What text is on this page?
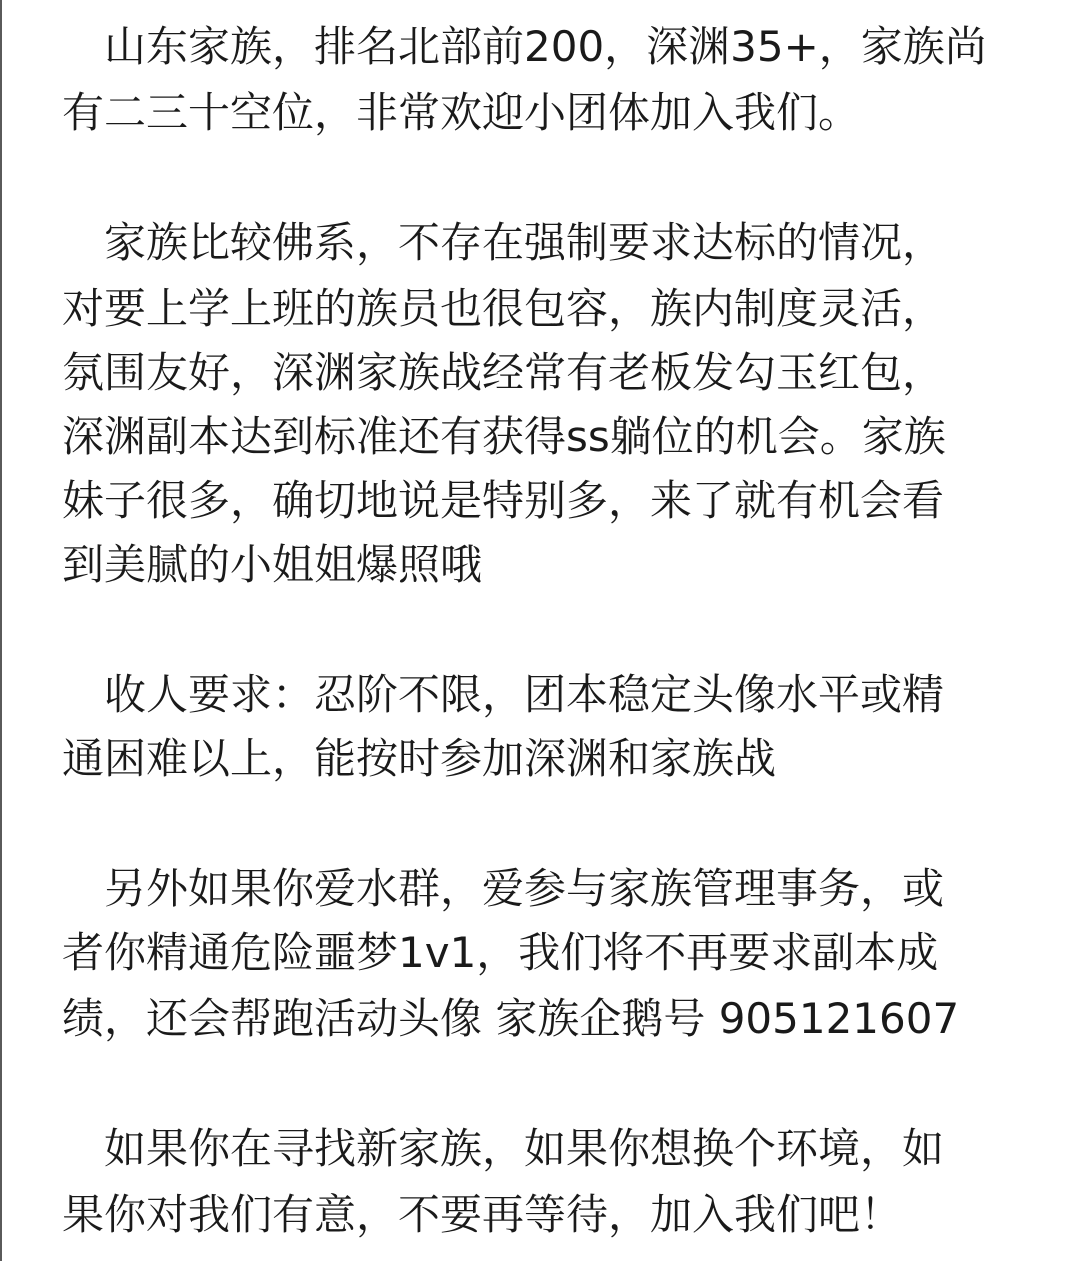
　山东家族，排名北部前200，深渊35+，家族尚
有二三十空位，非常欢迎小团体加入我们。
　家族比较佛系，不存在强制要求达标的情况，
对要上学上班的族员也很包容，族内制度灵活，
氛围友好，深渊家族战经常有老板发勾玉红包，
深渊副本达到标准还有获得ss躺位的机会。家族
妹子很多，确切地说是特别多，来了就有机会看
到美腻的小姐姐爆照哦
　收人要求：忍阶不限，团本稳定头像水平或精
通困难以上，能按时参加深渊和家族战
　另外如果你爱水群，爱参与家族管理事务，或
者你精通危险噩梦1v1，我们将不再要求副本成
绩，还会帮跑活动头像 家族企鹅号 905121607
　如果你在寻找新家族，如果你想换个环境，如
果你对我们有意，不要再等待，加入我们吧！
